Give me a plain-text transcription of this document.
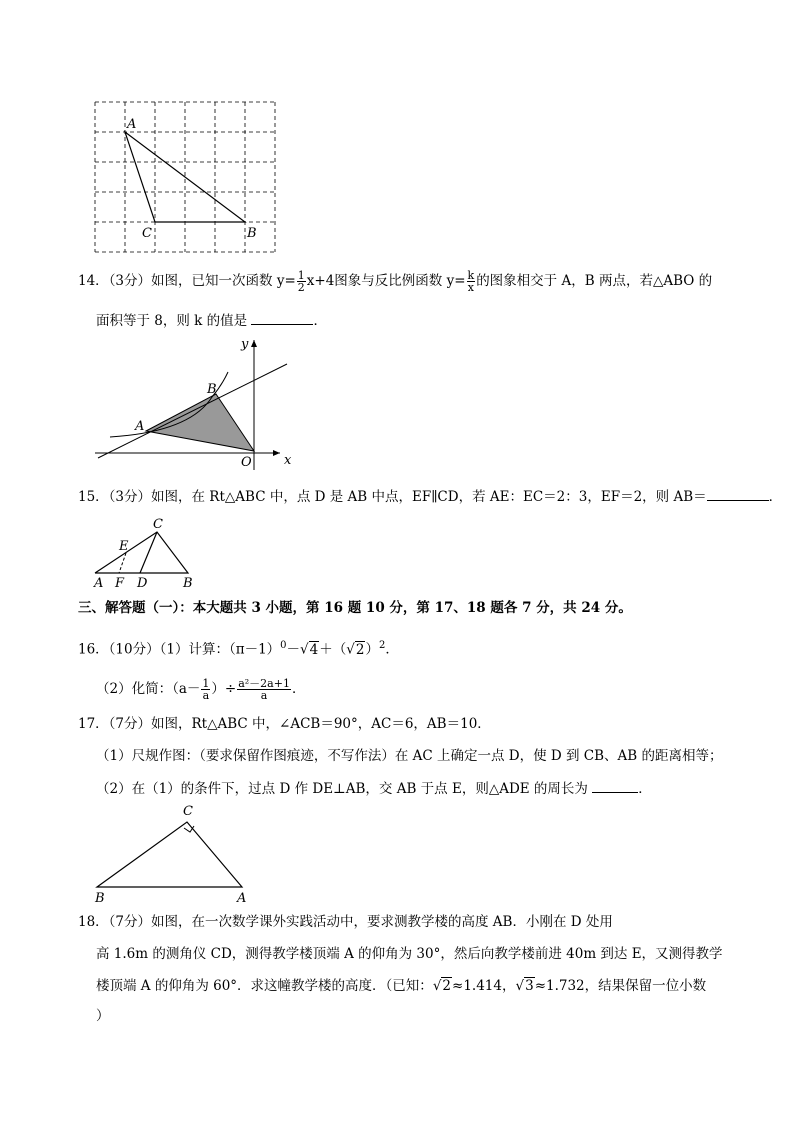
A
B
C
14．（3分）如图，已知一次函数 $y= \frac{1}{2} x+4$图象与反比例函数 $y= \frac{k}{x}$ 的图象相交于 A，B 两点，若△ABO 的
面积等于 8，则 k 的值是	．
y
x
A
B
O
15．（3分）如图，在 Rt△ABC 中，点 D 是 AB 中点，EF∥CD，若 AE：EC＝2：3，EF＝2，则 AB＝	．
C
E
A F D	B
三、解答题（一）：本大题共 3 小题，第 16 题 10 分，第 17、18 题各 7 分，共 24 分。
16．（10分）（1）计算：$(\pi-1)^0-√4+(√2)^2$．
（2）化简：（$a- \frac{1}{a}$ ）÷ $\frac{\text{a²－2a+1}}{a}$ ．
17．（7分）如图，Rt△ABC 中，∠ACB＝90°，AC＝6，AB＝10．
（1）尺规作图：（要求保留作图痕迹，不写作法）在 AC 上确定一点 D，使 D 到 CB、AB 的距离相等；
（2）在（1）的条件下，过点 D 作 DE⊥AB，交 AB 于点 E，则△ADE 的周长为	．
C
B	A
18．（7分）如图，在一次数学课外实践活动中，要求测教学楼的高度 AB．小刚在 D 处用
高 1.6m 的测角仪 CD，测得教学楼顶端 A 的仰角为 30°，然后向教学楼前进 40m 到达 E，又测得教学
楼顶端 A 的仰角为 60°．求这幢教学楼的高度．（已知：√2≈1.414，√3≈1.732，结果保留一位小数
）
